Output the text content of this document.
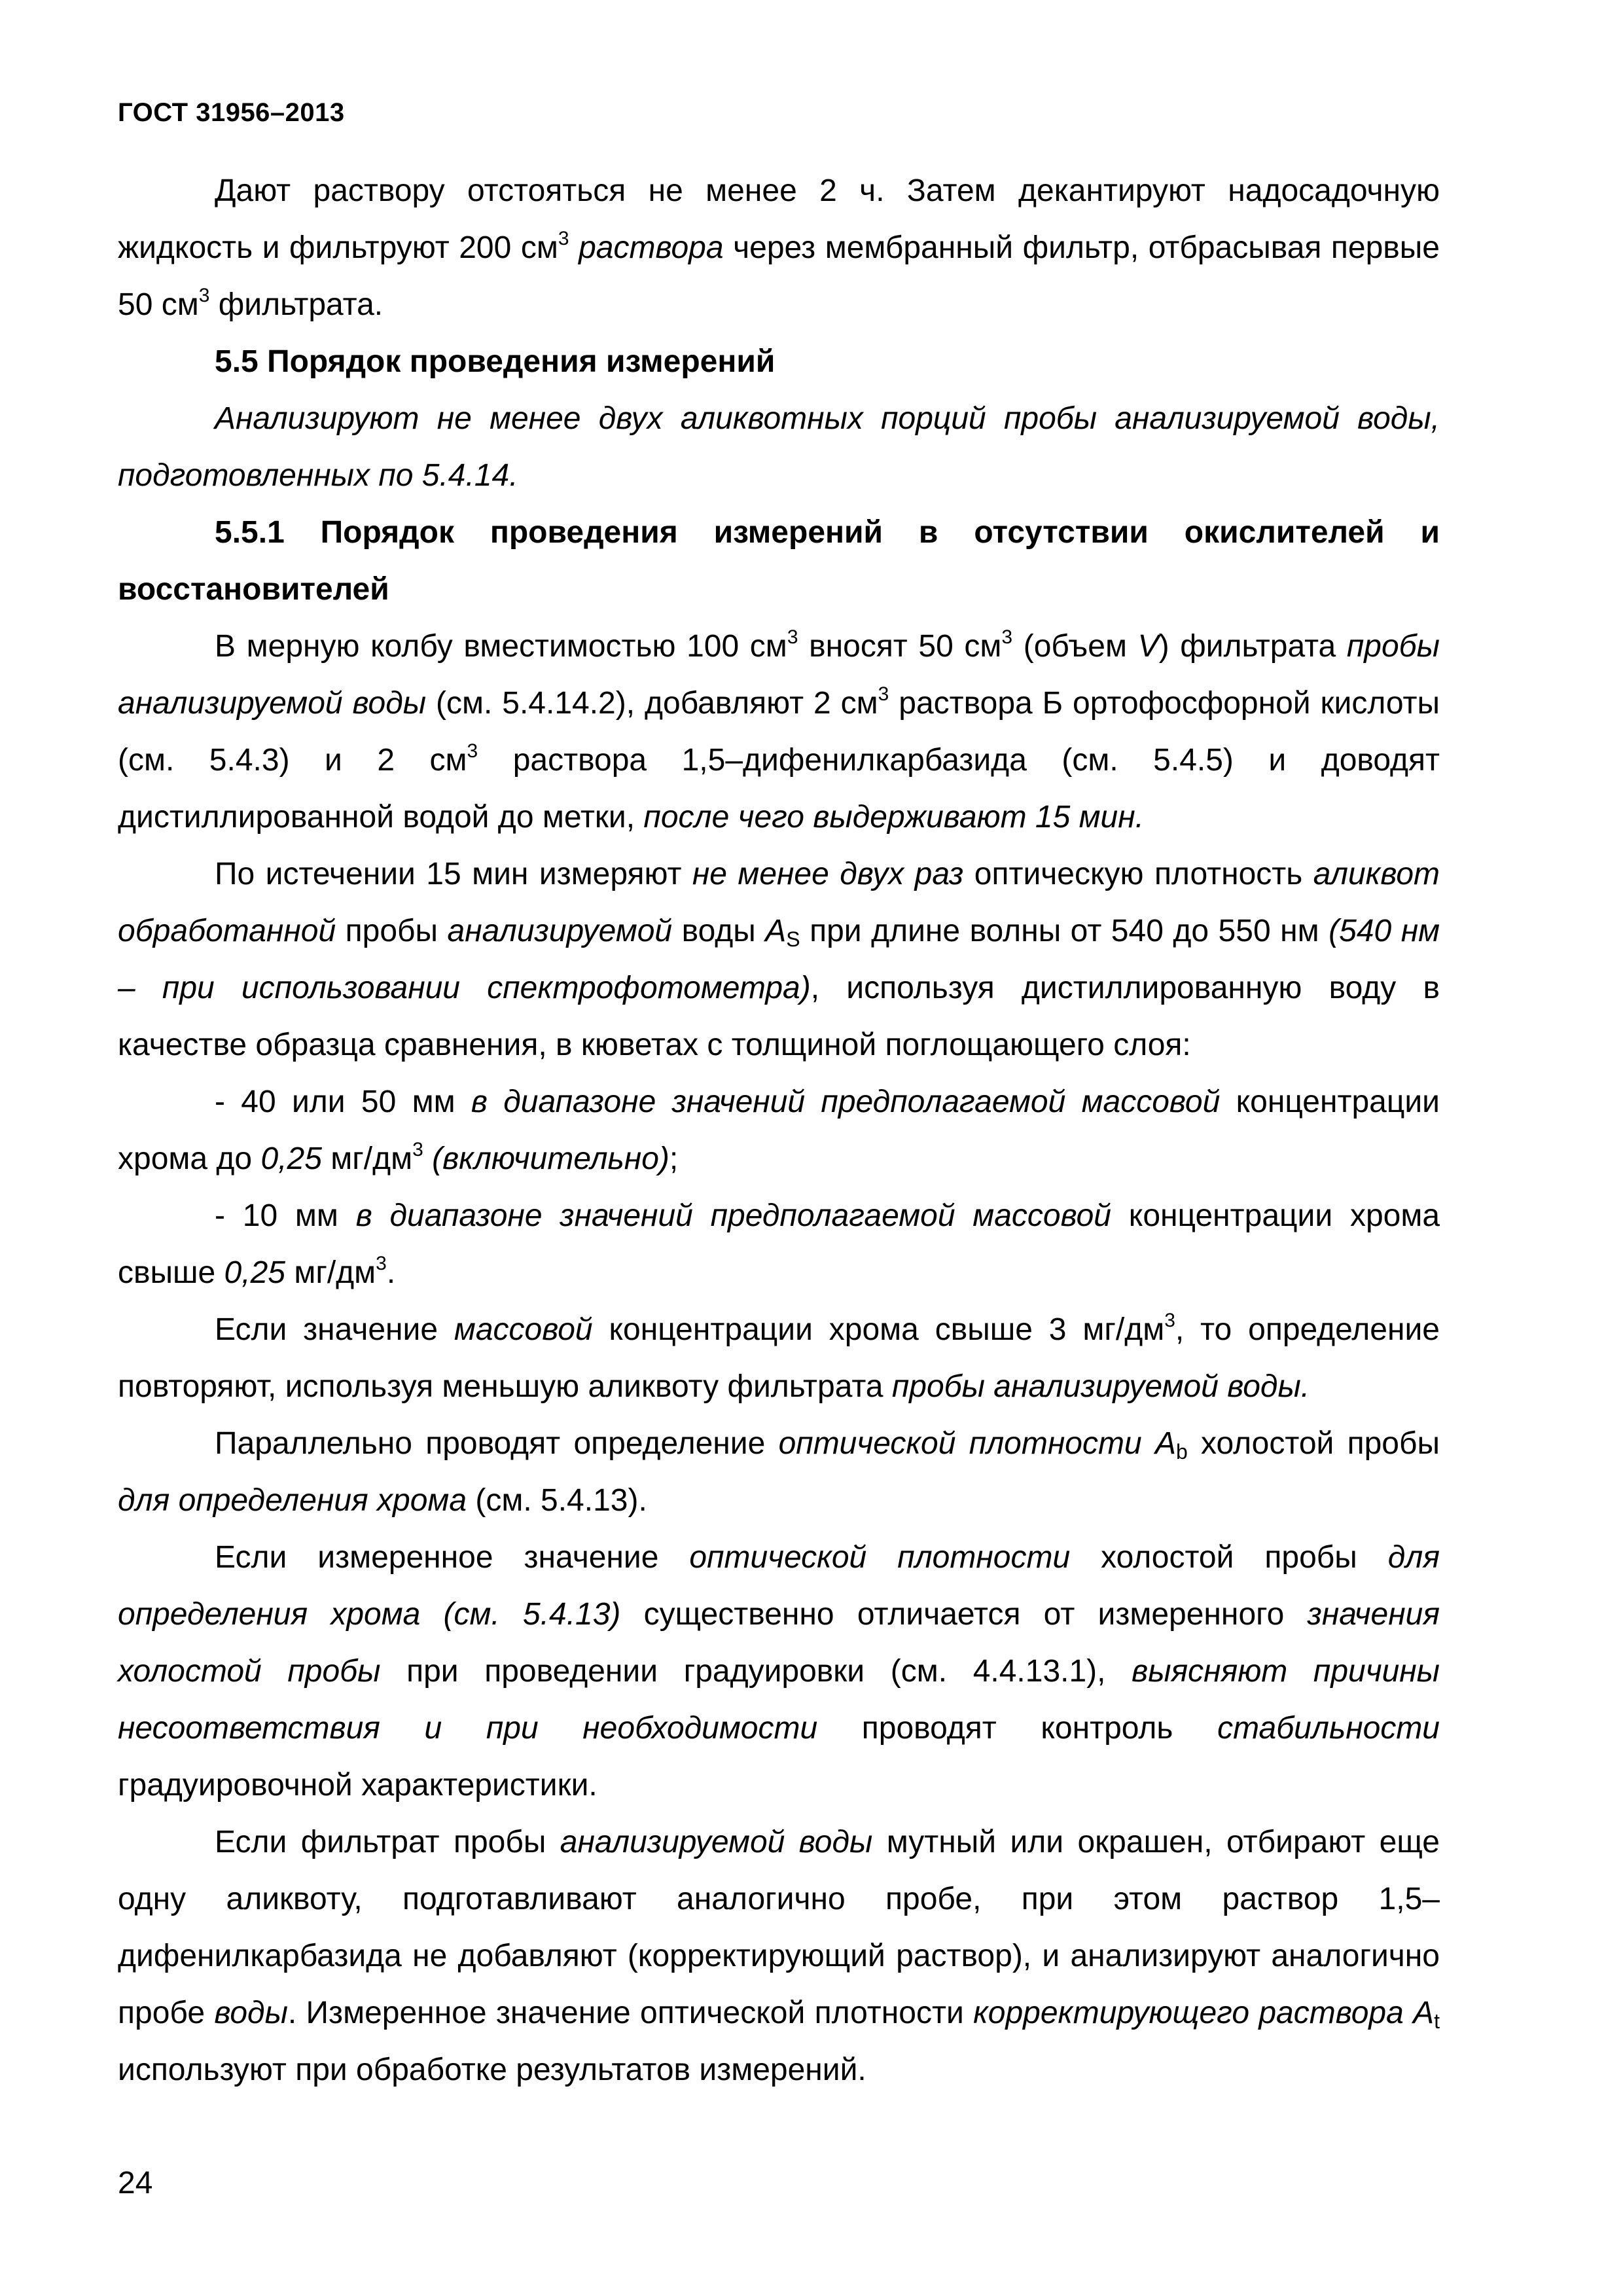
ГОСТ 31956–2013

Дают раствору отстояться не менее 2 ч. Затем декантируют надосадочную жидкость и фильтруют 200 $см^3$ раствора через мембранный фильтр, отбрасывая первые 50 $см^3$ фильтрата.

5.5 Порядок проведения измерений

Анализируют не менее двух аликвотных порций пробы анализируемой воды, подготовленных по 5.4.14.

5.5.1 Порядок проведения измерений в отсутствии окислителей и восстановителей

В мерную колбу вместимостью 100 $см^3$ вносят 50 $см^3$ (объем V) фильтрата пробы анализируемой воды (см. 5.4.14.2), добавляют 2 $см^3$ раствора Б ортофосфорной кислоты (см. 5.4.3) и 2 $см^3$ раствора 1,5–дифенилкарбазида (см. 5.4.5) и доводят дистиллированной водой до метки, после чего выдерживают 15 мин.

По истечении 15 мин измеряют не менее двух раз оптическую плотность аликвот обработанной пробы анализируемой воды $A_S$ при длине волны от 540 до 550 нм (540 нм – при использовании спектрофотометра), используя дистиллированную воду в качестве образца сравнения, в кюветах с толщиной поглощающего слоя:

- 40 или 50 мм в диапазоне значений предполагаемой массовой концентрации хрома до 0,25 $мг/дм^3$ (включительно);

- 10 мм в диапазоне значений предполагаемой массовой концентрации хрома свыше 0,25 $мг/дм^3$.

Если значение массовой концентрации хрома свыше 3 $мг/дм^3$, то определение повторяют, используя меньшую аликвоту фильтрата пробы анализируемой воды.

Параллельно проводят определение оптической плотности $A_b$ холостой пробы для определения хрома (см. 5.4.13).

Если измеренное значение оптической плотности холостой пробы для определения хрома (см. 5.4.13) существенно отличается от измеренного значения холостой пробы при проведении градуировки (см. 4.4.13.1), выясняют причины несоответствия и при необходимости проводят контроль стабильности градуировочной характеристики.

Если фильтрат пробы анализируемой воды мутный или окрашен, отбирают еще одну аликвоту, подготавливают аналогично пробе, при этом раствор 1,5–дифенилкарбазида не добавляют (корректирующий раствор), и анализируют аналогично пробе воды. Измеренное значение оптической плотности корректирующего раствора $A_t$ используют при обработке результатов измерений.

24
